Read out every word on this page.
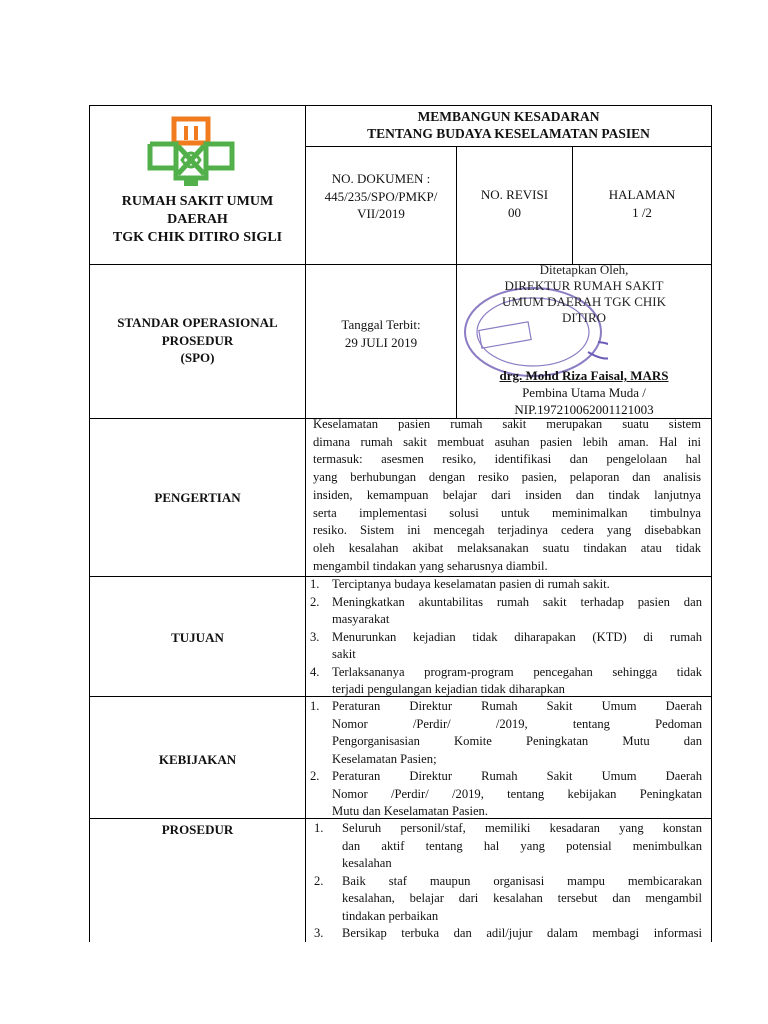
RUMAH SAKIT UMUM
DAERAH
TGK CHIK DITIRO SIGLI
MEMBANGUN KESADARAN
TENTANG BUDAYA KESELAMATAN PASIEN
NO. DOKUMEN :
445/235/SPO/PMKP/
VII/2019
NO. REVISI
00
HALAMAN
1 /2
STANDAR OPERASIONAL
PROSEDUR
(SPO)
Tanggal Terbit:
29 JULI 2019
Ditetapkan Oleh,
DIREKTUR RUMAH SAKIT
UMUM DAERAH TGK CHIK
DITIRO
drg. Mohd Riza Faisal, MARS
Pembina Utama Muda /
NIP.197210062001121003
PENGERTIAN
Keselamatan pasien rumah sakit merupakan suatu sistem
dimana rumah sakit membuat asuhan pasien lebih aman. Hal ini
termasuk: asesmen resiko, identifikasi dan pengelolaan hal
yang berhubungan dengan resiko pasien, pelaporan dan analisis
insiden, kemampuan belajar dari insiden dan tindak lanjutnya
serta implementasi solusi untuk meminimalkan timbulnya
resiko. Sistem ini mencegah terjadinya cedera yang disebabkan
oleh kesalahan akibat melaksanakan suatu tindakan atau tidak
mengambil tindakan yang seharusnya diambil.
TUJUAN
1. Terciptanya budaya keselamatan pasien di rumah sakit.
2. Meningkatkan akuntabilitas rumah sakit terhadap pasien dan
masyarakat
3. Menurunkan kejadian tidak diharapakan (KTD) di rumah
sakit
4. Terlaksananya program-program pencegahan sehingga tidak
terjadi pengulangan kejadian tidak diharapkan
KEBIJAKAN
1. Peraturan Direktur Rumah Sakit Umum Daerah
Nomor /Perdir/ /2019, tentang Pedoman
Pengorganisasian Komite Peningkatan Mutu dan
Keselamatan Pasien;
2. Peraturan Direktur Rumah Sakit Umum Daerah
Nomor /Perdir/ /2019, tentang kebijakan Peningkatan
Mutu dan Keselamatan Pasien.
PROSEDUR	1. Seluruh personil/staf, memiliki kesadaran yang konstan
dan aktif tentang hal yang potensial menimbulkan
kesalahan
2. Baik staf maupun organisasi mampu membicarakan
kesalahan, belajar dari kesalahan tersebut dan mengambil
tindakan perbaikan
3. Bersikap terbuka dan adil/jujur dalam membagi informasi
